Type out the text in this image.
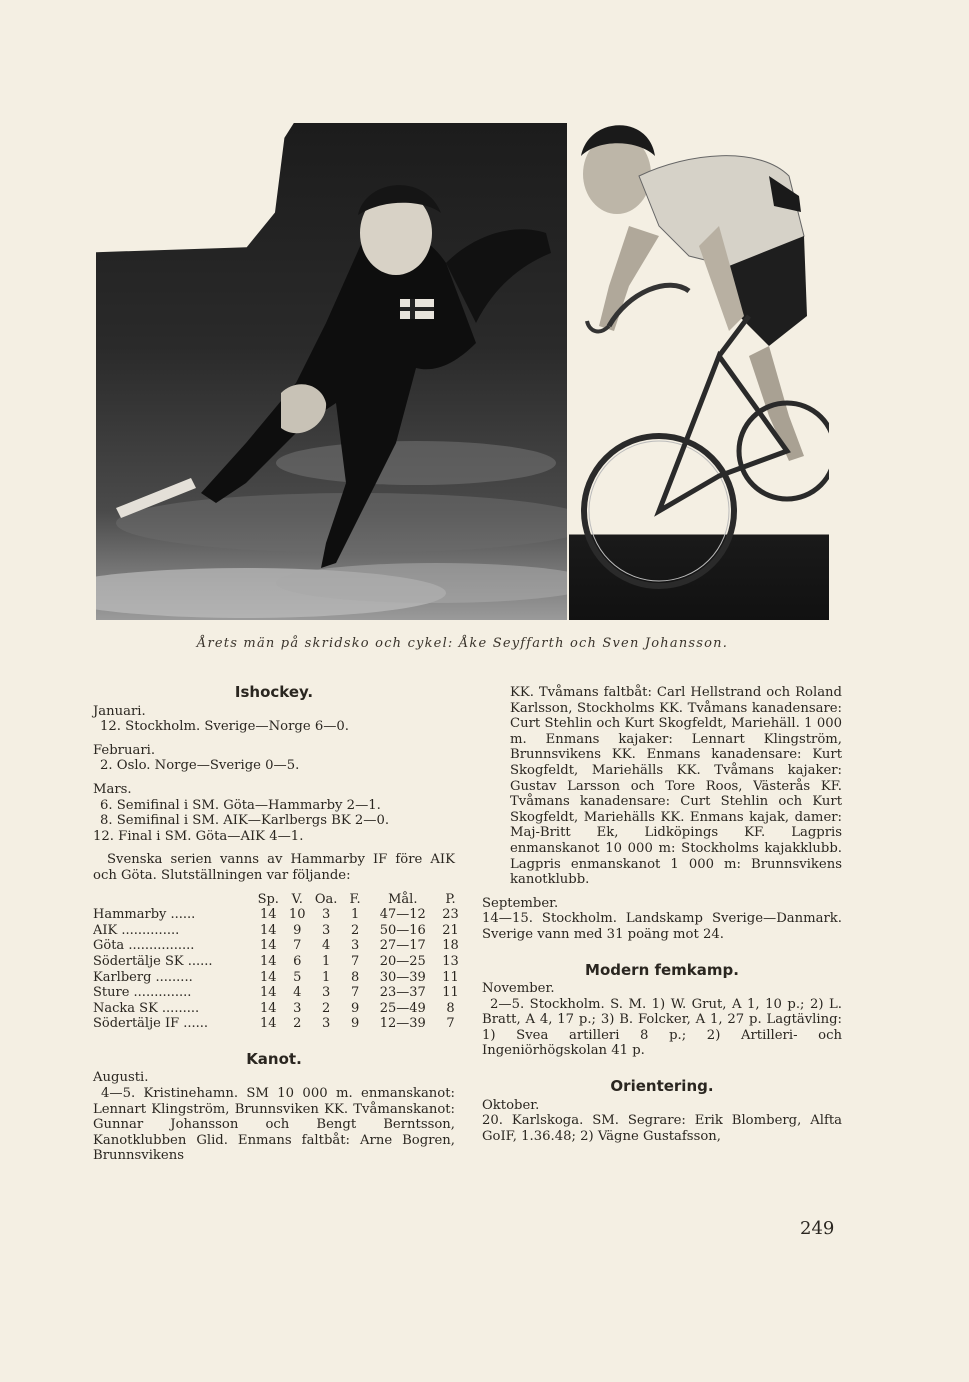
Årets män på skridsko och cykel: Åke Seyffarth och Sven Johansson.
Ishockey.

Januari.

12. Stockholm. Sverige—Norge 6—0.

Februari.

2. Oslo. Norge—Sverige 0—5.

Mars.

6. Semifinal i SM. Göta—Hammarby 2—1.

8. Semifinal i SM. AIK—Karlbergs BK 2—0.

12. Final i SM. Göta—AIK 4—1.

Svenska serien vanns av Hammarby IF före AIK och Göta. Slutställningen var följande:

	Sp.	V.	Oa.	F.	Mål.	P.
Hammarby ......	14	10	3	1	47—12	23
AIK ..............	14	9	3	2	50—16	21
Göta ................	14	7	4	3	27—17	18
Södertälje SK ......	14	6	1	7	20—25	13
Karlberg .........	14	5	1	8	30—39	11
Sture ..............	14	4	3	7	23—37	11
Nacka SK .........	14	3	2	9	25—49	8
Södertälje IF ......	14	2	3	9	12—39	7
Kanot.

Augusti.

4—5. Kristinehamn. SM 10 000 m. enmanskanot: Lennart Klingström, Brunnsviken KK. Tvåmanskanot: Gunnar Johansson och Bengt Berntsson, Kanotklubben Glid. Enmans faltbåt: Arne Bogren, Brunnsvikens

KK. Tvåmans faltbåt: Carl Hellstrand och Roland Karlsson, Stockholms KK. Tvåmans kanadensare: Curt Stehlin och Kurt Skogfeldt, Mariehäll. 1 000 m. Enmans kajaker: Lennart Klingström, Brunnsvikens KK. Enmans kanadensare: Kurt Skogfeldt, Mariehälls KK. Tvåmans kajaker: Gustav Larsson och Tore Roos, Västerås KF. Tvåmans kanadensare: Curt Stehlin och Kurt Skogfeldt, Mariehälls KK. Enmans kajak, damer: Maj-Britt Ek, Lidköpings KF. Lagpris enmanskanot 10 000 m: Stockholms kajakklubb. Lagpris enmanskanot 1 000 m: Brunnsvikens kanotklubb.

September.

14—15. Stockholm. Landskamp Sverige—Danmark. Sverige vann med 31 poäng mot 24.

Modern femkamp.

November.

2—5. Stockholm. S. M. 1) W. Grut, A 1, 10 p.; 2) L. Bratt, A 4, 17 p.; 3) B. Folcker, A 1, 27 p. Lagtävling: 1) Svea artilleri 8 p.; 2) Artilleri- och Ingeniörhögskolan 41 p.

Orientering.

Oktober.

20. Karlskoga. SM. Segrare: Erik Blomberg, Alfta GoIF, 1.36.48; 2) Vägne Gustafsson,

249
